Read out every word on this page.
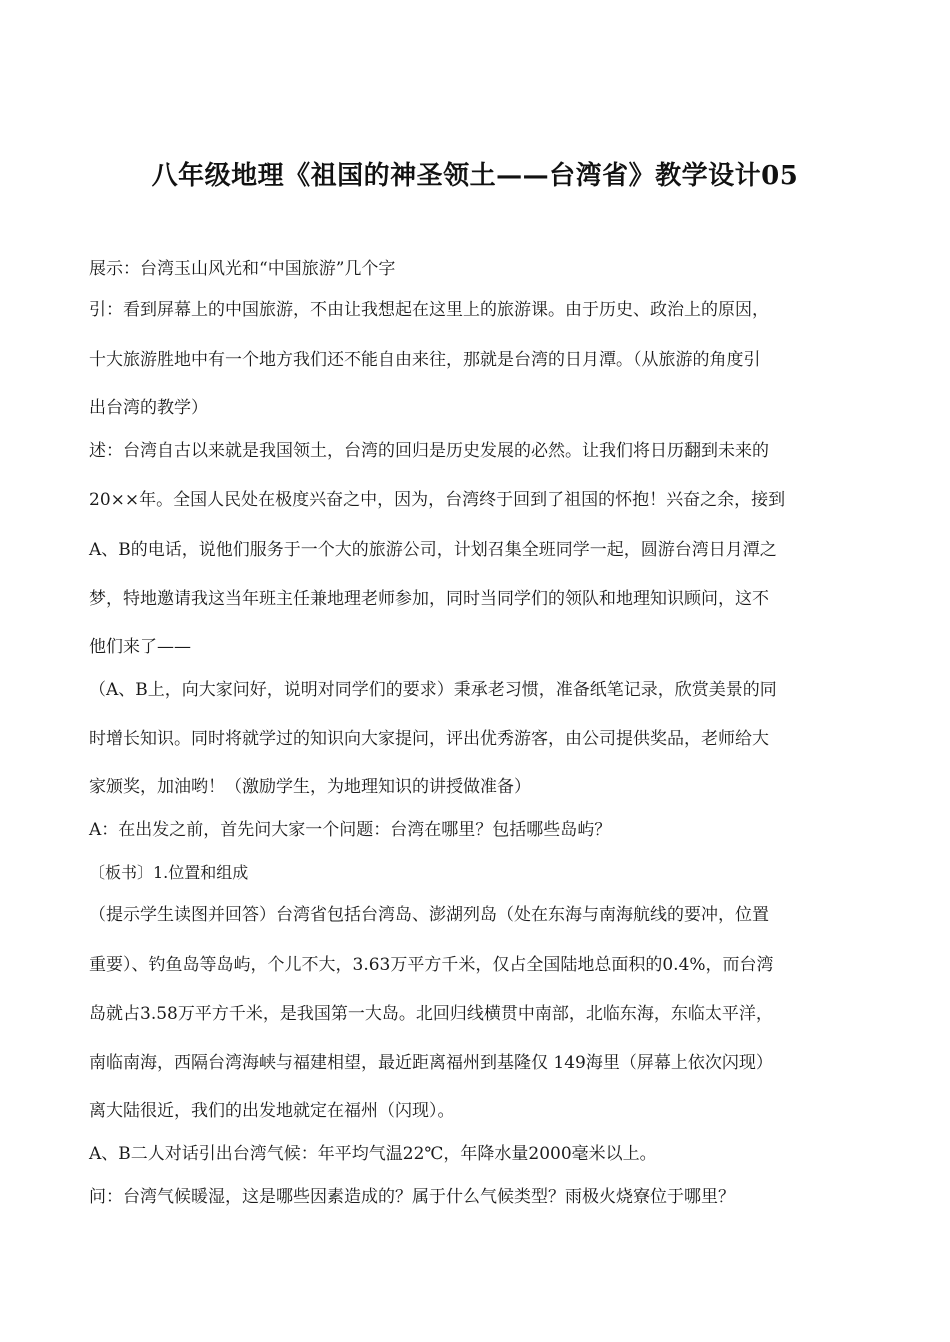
八年级地理《祖国的神圣领土——台湾省》教学设计05
展示：台湾玉山风光和“中国旅游”几个字
引：看到屏幕上的中国旅游，不由让我想起在这里上的旅游课。由于历史、政治上的原因，
十大旅游胜地中有一个地方我们还不能自由来往，那就是台湾的日月潭。（从旅游的角度引
出台湾的教学）
述：台湾自古以来就是我国领土，台湾的回归是历史发展的必然。让我们将日历翻到未来的
20××年。全国人民处在极度兴奋之中，因为，台湾终于回到了祖国的怀抱！兴奋之余，接到
A、B的电话，说他们服务于一个大的旅游公司，计划召集全班同学一起，圆游台湾日月潭之
梦，特地邀请我这当年班主任兼地理老师参加，同时当同学们的领队和地理知识顾问，这不
他们来了——
（A、B上，向大家问好，说明对同学们的要求）秉承老习惯，准备纸笔记录，欣赏美景的同
时增长知识。同时将就学过的知识向大家提问，评出优秀游客，由公司提供奖品，老师给大
家颁奖，加油哟！（激励学生，为地理知识的讲授做准备）
A：在出发之前，首先问大家一个问题：台湾在哪里？包括哪些岛屿？
〔板书〕1.位置和组成
（提示学生读图并回答）台湾省包括台湾岛、澎湖列岛（处在东海与南海航线的要冲，位置
重要）、钓鱼岛等岛屿，个儿不大，3.63万平方千米，仅占全国陆地总面积的0.4%，而台湾
岛就占3.58万平方千米，是我国第一大岛。北回归线横贯中南部，北临东海，东临太平洋，
南临南海，西隔台湾海峡与福建相望，最近距离福州到基隆仅 149海里（屏幕上依次闪现）
离大陆很近，我们的出发地就定在福州（闪现）。
A、B二人对话引出台湾气候：年平均气温22℃，年降水量2000毫米以上。
问：台湾气候暖湿，这是哪些因素造成的？属于什么气候类型？雨极火烧寮位于哪里？
